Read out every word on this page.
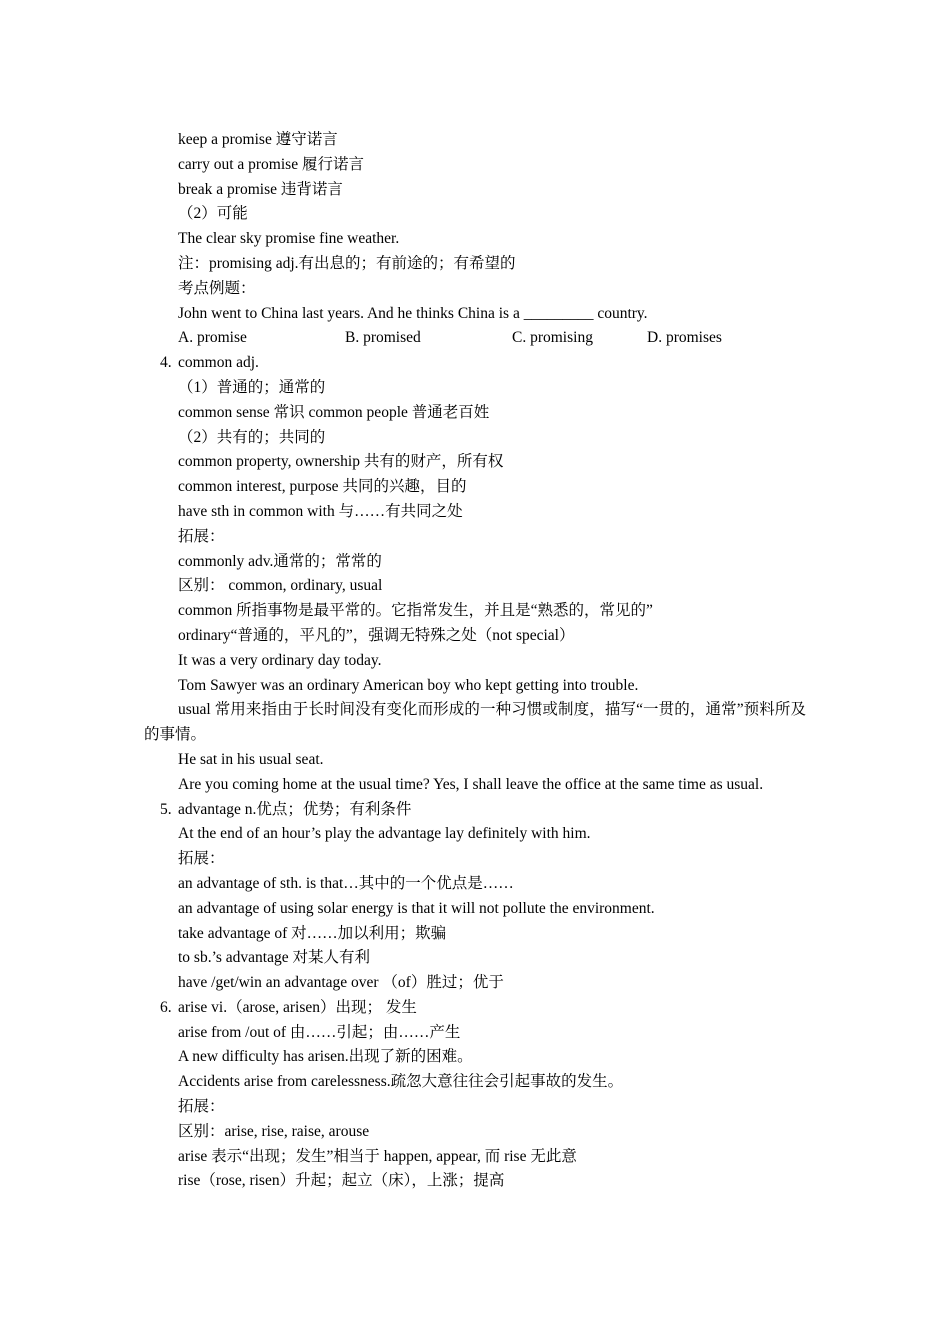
keep a promise 遵守诺言
carry out a promise 履行诺言
break a promise 违背诺言
（2）可能
The clear sky promise fine weather.
注：promising adj.有出息的；有前途的；有希望的
考点例题：
John went to China last years. And he thinks China is a _________ country.
A. promise	B. promised	C. promising	D. promises
4. common adj.
（1）普通的；通常的
common sense 常识 common people 普通老百姓
（2）共有的；共同的
common property, ownership 共有的财产，所有权
common interest, purpose 共同的兴趣，目的
have sth in common with 与……有共同之处
拓展：
commonly adv.通常的；常常的
区别： common, ordinary, usual
common 所指事物是最平常的。它指常发生，并且是“熟悉的，常见的”
ordinary“普通的，平凡的”，强调无特殊之处（not special）
It was a very ordinary day today.
Tom Sawyer was an ordinary American boy who kept getting into trouble.
usual 常用来指由于长时间没有变化而形成的一种习惯或制度，描写“一贯的，通常”预料所及的事情。
He sat in his usual seat.
Are you coming home at the usual time? Yes, I shall leave the office at the same time as usual.
5. advantage n.优点；优势；有利条件
At the end of an hour’s play the advantage lay definitely with him.
拓展：
an advantage of sth. is that…其中的一个优点是……
an advantage of using solar energy is that it will not pollute the environment.
take advantage of 对……加以利用；欺骗
to sb.’s advantage 对某人有利
have /get/win an advantage over （of）胜过；优于
6. arise vi.（arose, arisen）出现； 发生
arise from /out of 由……引起；由……产生
A new difficulty has arisen.出现了新的困难。
Accidents arise from carelessness.疏忽大意往往会引起事故的发生。
拓展：
区别：arise, rise, raise, arouse
arise 表示“出现；发生”相当于 happen, appear, 而 rise 无此意
rise（rose, risen）升起；起立（床），上涨；提高
